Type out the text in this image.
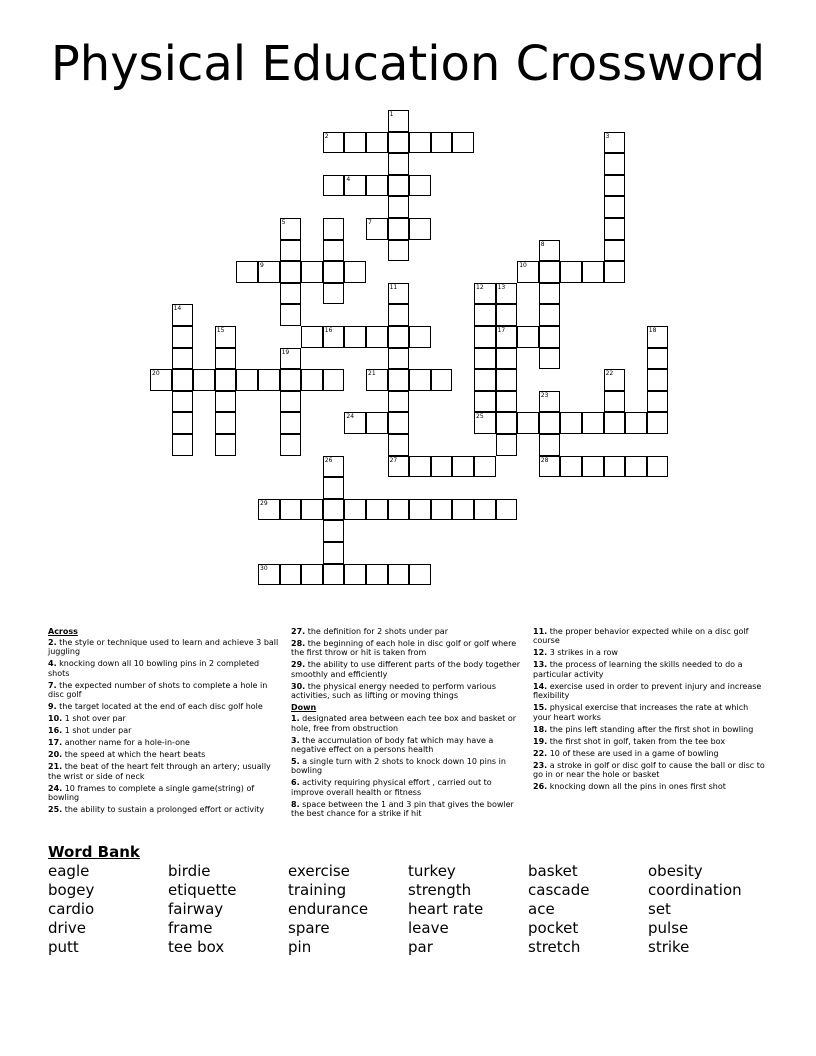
Physical Education Crossword
2
4
7
9	10
16	17
20	21
24	25
27	28
29
30
1
3
5
8
11	12 13
14
15	18
19
22
23
26
Across
2. the style or technique used to learn and achieve 3 ball juggling
4. knocking down all 10 bowling pins in 2 completed shots
7. the expected number of shots to complete a hole in disc golf
9. the target located at the end of each disc golf hole
10. 1 shot over par
16. 1 shot under par
17. another name for a hole-in-one
20. the speed at which the heart beats
21. the beat of the heart felt through an artery; usually the wrist or side of neck
24. 10 frames to complete a single game(string) of bowling
25. the ability to sustain a prolonged effort or activity
27. the definition for 2 shots under par
28. the beginning of each hole in disc golf or golf where the first throw or hit is taken from
29. the ability to use different parts of the body together smoothly and efficiently
30. the physical energy needed to perform various activities, such as lifting or moving things
Down
1. designated area between each tee box and basket or hole, free from obstruction
3. the accumulation of body fat which may have a negative effect on a persons health
5. a single turn with 2 shots to knock down 10 pins in bowling
6. activity requiring physical effort , carried out to improve overall health or fitness
8. space between the 1 and 3 pin that gives the bowler the best chance for a strike if hit
11. the proper behavior expected while on a disc golf course
12. 3 strikes in a row
13. the process of learning the skills needed to do a particular activity
14. exercise used in order to prevent injury and increase flexibility
15. physical exercise that increases the rate at which your heart works
18. the pins left standing after the first shot in bowling
19. the first shot in golf, taken from the tee box
22. 10 of these are used in a game of bowling
23. a stroke in golf or disc golf to cause the ball or disc to go in or near the hole or basket
26. knocking down all the pins in ones first shot
Word Bank
eagle
bogey
cardio
drive
putt
birdie
etiquette
fairway
frame
tee box
exercise
training
endurance
spare
pin
turkey
strength
heart rate
leave
par
basket
cascade
ace
pocket
stretch
obesity
coordination
set
pulse
strike
